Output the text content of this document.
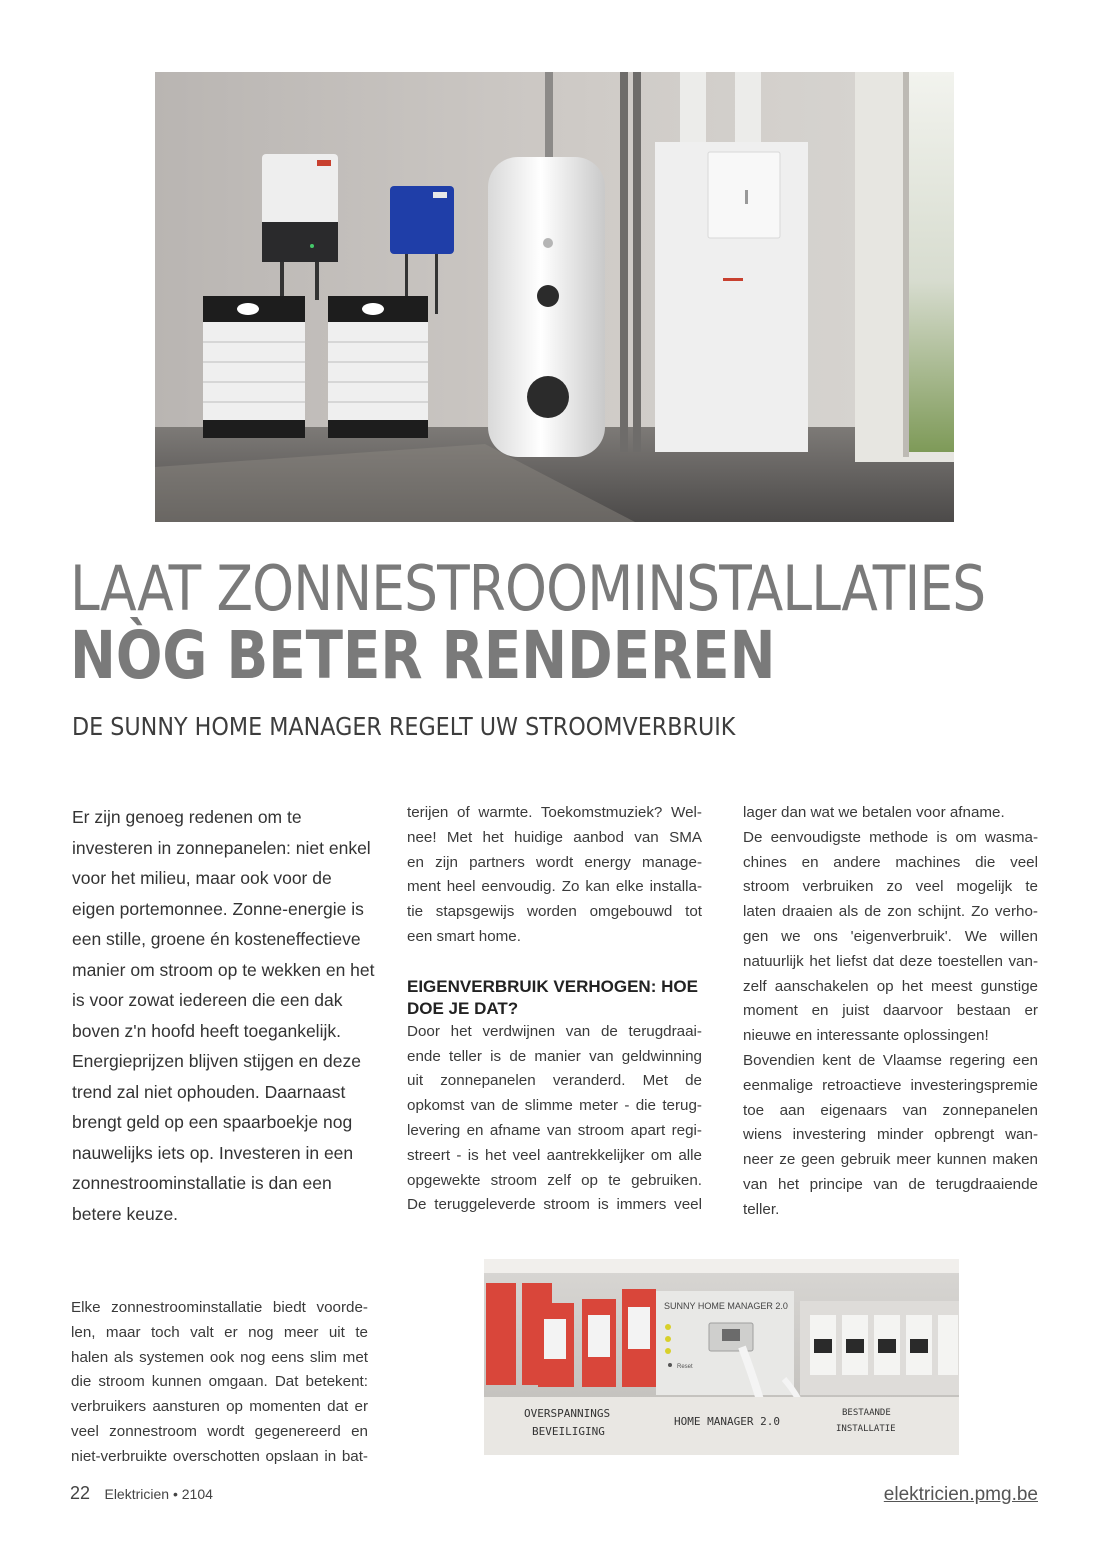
LAAT ZONNESTROOMINSTALLATIES
NÒG BETER RENDEREN
DE SUNNY HOME MANAGER REGELT UW STROOMVERBRUIK

Er zijn genoeg redenen om te

investeren in zonnepanelen: niet enkel

voor het milieu, maar ook voor de

eigen portemonnee. Zonne-energie is

een stille, groene én kosteneffectieve

manier om stroom op te wekken en het

is voor zowat iedereen die een dak

boven z'n hoofd heeft toegankelijk.

Energieprijzen blijven stijgen en deze

trend zal niet ophouden. Daarnaast

brengt geld op een spaarboekje nog

nauwelijks iets op. Investeren in een

zonnestroominstallatie is dan een

betere keuze.

terijen of warmte. Toekomstmuziek? Wel-

nee! Met het huidige aanbod van SMA

en zijn partners wordt energy manage-

ment heel eenvoudig. Zo kan elke installa-

tie stapsgewijs worden omgebouwd tot

een smart home.

EIGENVERBRUIK VERHOGEN: HOE
DOE JE DAT?

Door het verdwijnen van de terugdraai-

ende teller is de manier van geldwinning

uit zonnepanelen veranderd. Met de

opkomst van de slimme meter - die terug-

levering en afname van stroom apart regi-

streert - is het veel aantrekkelijker om alle

opgewekte stroom zelf op te gebruiken.

De teruggeleverde stroom is immers veel

lager dan wat we betalen voor afname.

De eenvoudigste methode is om wasma-

chines en andere machines die veel

stroom verbruiken zo veel mogelijk te

laten draaien als de zon schijnt. Zo verho-

gen we ons 'eigenverbruik'. We willen

natuurlijk het liefst dat deze toestellen van-

zelf aanschakelen op het meest gunstige

moment en juist daarvoor bestaan er

nieuwe en interessante oplossingen!

Bovendien kent de Vlaamse regering een

eenmalige retroactieve investeringspremie

toe aan eigenaars van zonnepanelen

wiens investering minder opbrengt wan-

neer ze geen gebruik meer kunnen maken

van het principe van de terugdraaiende

teller.

Elke zonnestroominstallatie biedt voorde-

len, maar toch valt er nog meer uit te

halen als systemen ook nog eens slim met

die stroom kunnen omgaan. Dat betekent:

verbruikers aansturen op momenten dat er

veel zonnestroom wordt gegenereerd en

niet-verbruikte overschotten opslaan in bat-

SUNNY HOME MANAGER 2.0
Reset
OVERSPANNINGS
BEVEILIGING
HOME MANAGER 2.0
BESTAANDE
INSTALLATIE
22 Elektricien • 2104	elektricien.pmg.be
